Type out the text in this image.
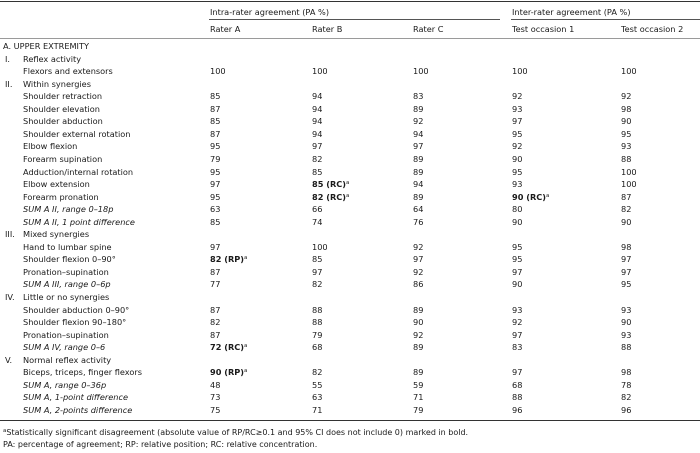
Intra-rater agreement (PA %)	Inter-rater agreement (PA %)
Rater A	Rater B	Rater C	Test occasion 1	Test occasion 2
A. UPPER EXTREMITY
I. Reflex activity
Flexors and extensors	100	100	100	100	100
II. Within synergies
Shoulder retraction	85	94	83	92	92
Shoulder elevation	87	94	89	93	98
Shoulder abduction	85	94	92	97	90
Shoulder external rotation	87	94	94	95	95
Elbow flexion	95	97	97	92	93
Forearm supination	79	82	89	90	88
Adduction/internal rotation	95	85	89	95	100
Elbow extension	97	85 (RC)$^a$	94	93	100
Forearm pronation	95	82 (RC)$^a$	89	90 (RC)$^a$	87
SUM A II, range 0–18p	63	66	64	80	82
SUM A II, 1 point difference	85	74	76	90	90
III. Mixed synergies
Hand to lumbar spine	97	100	92	95	98
Shoulder flexion 0–90°	82 (RP)$^a$	85	97	95	97
Pronation–supination	87	97	92	97	97
SUM A III, range 0–6p	77	82	86	90	95
IV. Little or no synergies
Shoulder abduction 0–90°	87	88	89	93	93
Shoulder flexion 90–180°	82	88	90	92	90
Pronation–supination	87	79	92	97	93
SUM A IV, range 0–6	72 (RC)$^a$	68	89	83	88
V. Normal reflex activity
Biceps, triceps, finger flexors	90 (RP)$^a$	82	89	97	98
SUM A, range 0–36p	48	55	59	68	78
SUM A, 1-point difference	73	63	71	88	82
SUM A, 2-points difference	75	71	79	96	96
$^a$Statistically significant disagreement (absolute value of RP/RC≥0.1 and 95% CI does not include 0) marked in bold.
PA: percentage of agreement; RP: relative position; RC: relative concentration.
